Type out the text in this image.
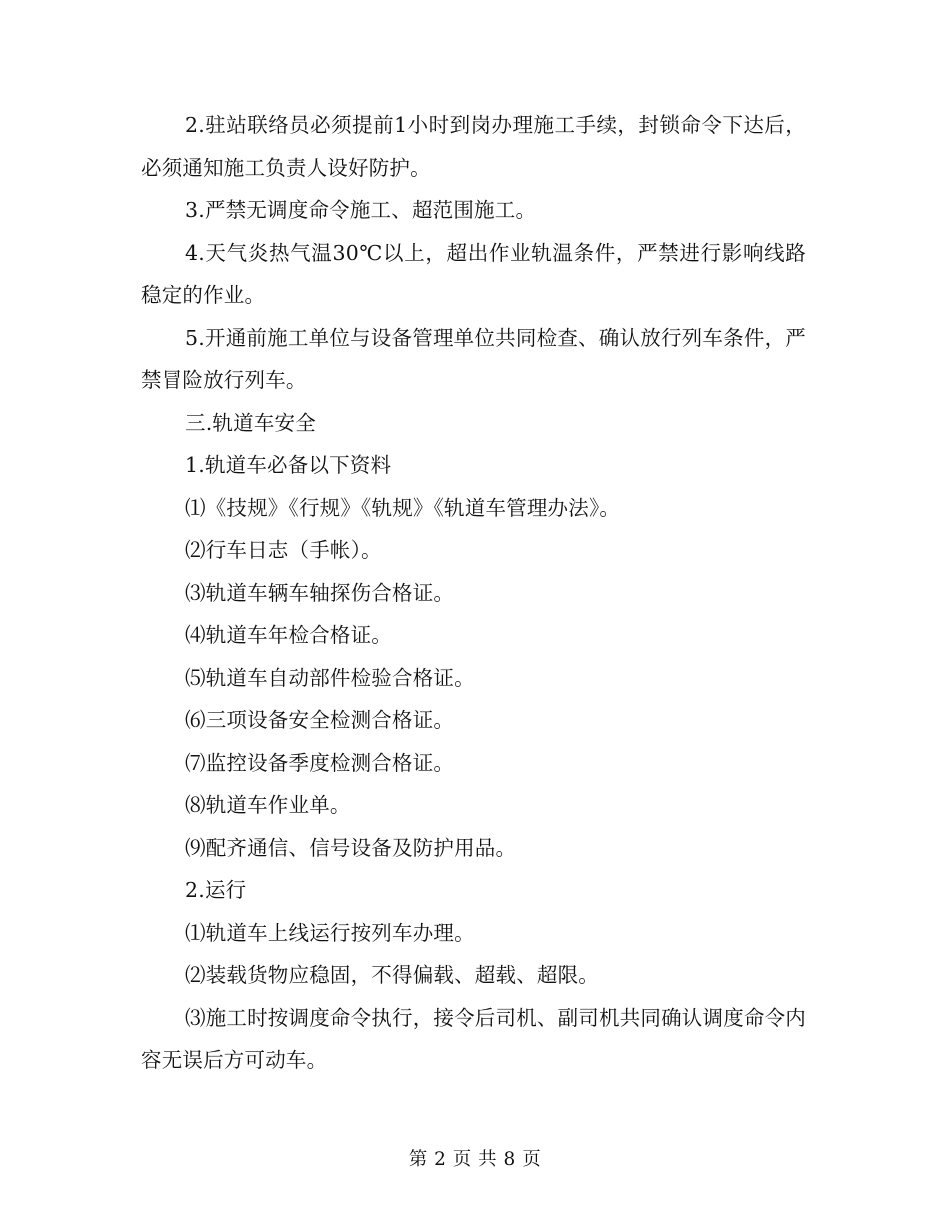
2.驻站联络员必须提前1小时到岗办理施工手续，封锁命令下达后，必须通知施工负责人设好防护。

3.严禁无调度命令施工、超范围施工。

4.天气炎热气温30℃以上，超出作业轨温条件，严禁进行影响线路稳定的作业。

5.开通前施工单位与设备管理单位共同检查、确认放行列车条件，严禁冒险放行列车。

三.轨道车安全

1.轨道车必备以下资料

⑴《技规》《行规》《轨规》《轨道车管理办法》。

⑵行车日志（手帐）。

⑶轨道车辆车轴探伤合格证。

⑷轨道车年检合格证。

⑸轨道车自动部件检验合格证。

⑹三项设备安全检测合格证。

⑺监控设备季度检测合格证。

⑻轨道车作业单。

⑼配齐通信、信号设备及防护用品。

2.运行

⑴轨道车上线运行按列车办理。

⑵装载货物应稳固，不得偏载、超载、超限。

⑶施工时按调度命令执行，接令后司机、副司机共同确认调度命令内容无误后方可动车。

第 2 页 共 8 页
